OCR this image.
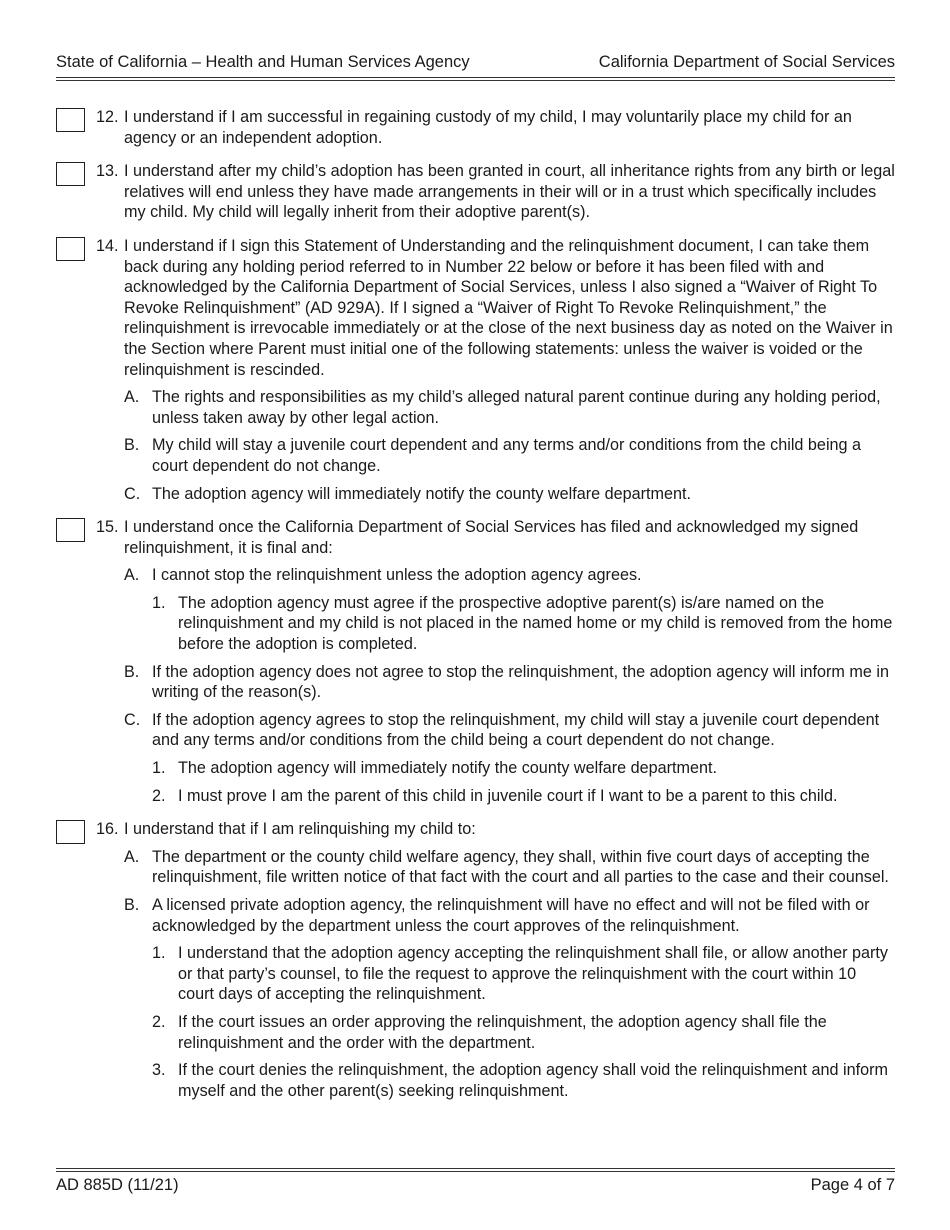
State of California – Health and Human Services Agency	California Department of Social Services
12. I understand if I am successful in regaining custody of my child, I may voluntarily place my child for an agency or an independent adoption.
13. I understand after my child’s adoption has been granted in court, all inheritance rights from any birth or legal relatives will end unless they have made arrangements in their will or in a trust which specifically includes my child. My child will legally inherit from their adoptive parent(s).
14. I understand if I sign this Statement of Understanding and the relinquishment document, I can take them back during any holding period referred to in Number 22 below or before it has been filed with and acknowledged by the California Department of Social Services, unless I also signed a “Waiver of Right To Revoke Relinquishment” (AD 929A). If I signed a “Waiver of Right To Revoke Relinquishment,” the relinquishment is irrevocable immediately or at the close of the next business day as noted on the Waiver in the Section where Parent must initial one of the following statements: unless the waiver is voided or the relinquishment is rescinded.
A. The rights and responsibilities as my child’s alleged natural parent continue during any holding period, unless taken away by other legal action.
B. My child will stay a juvenile court dependent and any terms and/or conditions from the child being a court dependent do not change.
C. The adoption agency will immediately notify the county welfare department.
15. I understand once the California Department of Social Services has filed and acknowledged my signed relinquishment, it is final and:
A. I cannot stop the relinquishment unless the adoption agency agrees.
1. The adoption agency must agree if the prospective adoptive parent(s) is/are named on the relinquishment and my child is not placed in the named home or my child is removed from the home before the adoption is completed.
B. If the adoption agency does not agree to stop the relinquishment, the adoption agency will inform me in writing of the reason(s).
C. If the adoption agency agrees to stop the relinquishment, my child will stay a juvenile court dependent and any terms and/or conditions from the child being a court dependent do not change.
1. The adoption agency will immediately notify the county welfare department.
2. I must prove I am the parent of this child in juvenile court if I want to be a parent to this child.
16. I understand that if I am relinquishing my child to:
A. The department or the county child welfare agency, they shall, within five court days of accepting the relinquishment, file written notice of that fact with the court and all parties to the case and their counsel.
B. A licensed private adoption agency, the relinquishment will have no effect and will not be filed with or acknowledged by the department unless the court approves of the relinquishment.
1. I understand that the adoption agency accepting the relinquishment shall file, or allow another party or that party’s counsel, to file the request to approve the relinquishment with the court within 10 court days of accepting the relinquishment.
2. If the court issues an order approving the relinquishment, the adoption agency shall file the relinquishment and the order with the department.
3. If the court denies the relinquishment, the adoption agency shall void the relinquishment and inform myself and the other parent(s) seeking relinquishment.
AD 885D (11/21)	Page 4 of 7
